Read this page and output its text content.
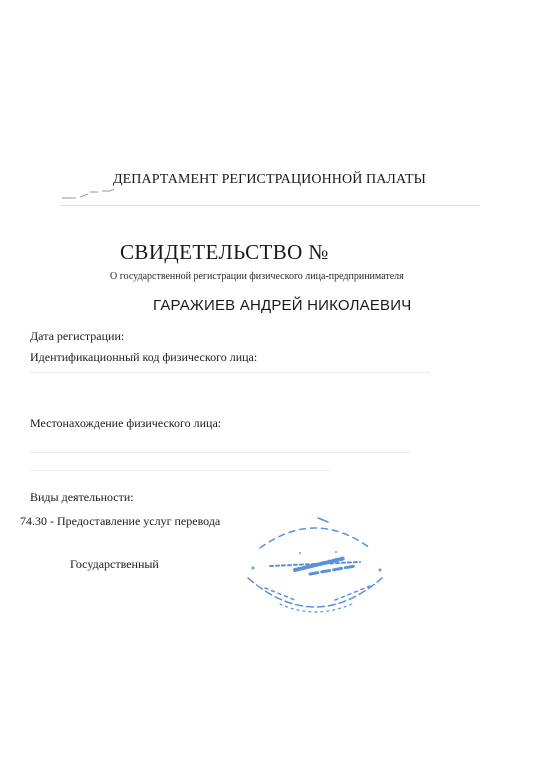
ДЕПАРТАМЕНТ РЕГИСТРАЦИОННОЙ ПАЛАТЫ
СВИДЕТЕЛЬСТВО №
О государственной регистрации физического лица-предпринимателя
ГАРАЖИЕВ АНДРЕЙ НИКОЛАЕВИЧ
Дата регистрации:
Идентификационный код физического лица:
Местонахождение физического лица:
Виды деятельности:
74.30 - Предоставление услуг перевода
Государственный
